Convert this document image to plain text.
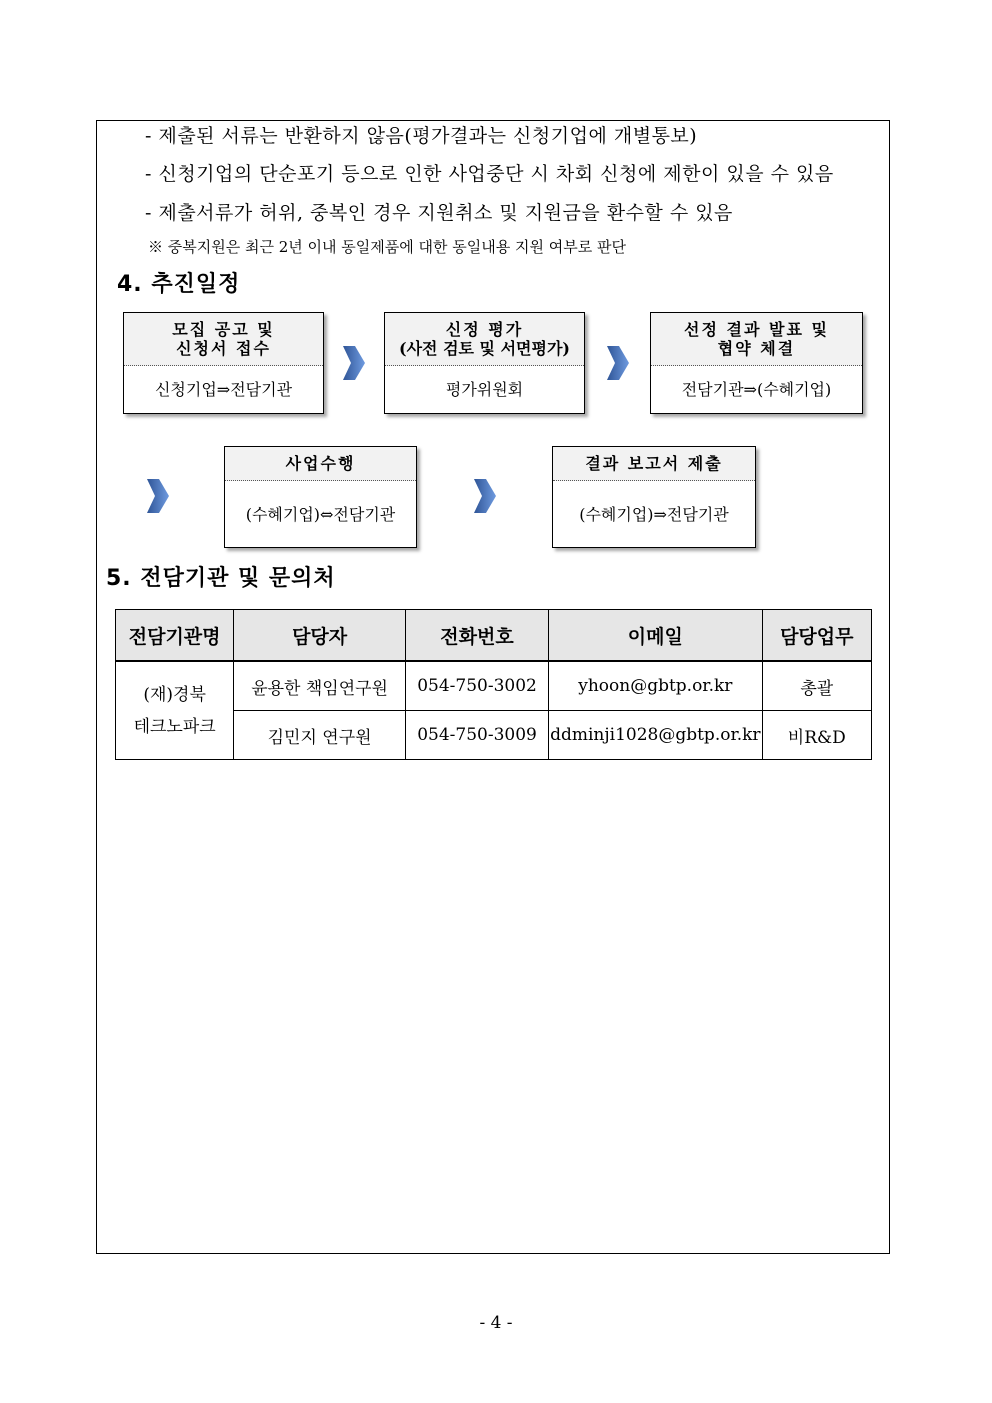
- 제출된 서류는 반환하지 않음(평가결과는 신청기업에 개별통보)
- 신청기업의 단순포기 등으로 인한 사업중단 시 차회 신청에 제한이 있을 수 있음
- 제출서류가 허위, 중복인 경우 지원취소 및 지원금을 환수할 수 있음
※ 중복지원은 최근 2년 이내 동일제품에 대한 동일내용 지원 여부로 판단
4. 추진일정
모집 공고 및
신청서 접수
신청기업⇒전담기관
신정 평가
(사전 검토 및 서면평가)
평가위원회
선정 결과 발표 및
협약 체결
전담기관⇒(수혜기업)
사업수행
(수혜기업)⇔전담기관
결과 보고서 제출
(수혜기업)⇒전담기관
5. 전담기관 및 문의처
전담기관명	담당자	전화번호	이메일	담당업무

(재)경북
테크노파크	윤용한 책임연구원	054-750-3002	yhoon@gbtp.or.kr	총괄
	김민지 연구원	054-750-3009	ddminji1028@gbtp.or.kr	비R&D
- 4 -
